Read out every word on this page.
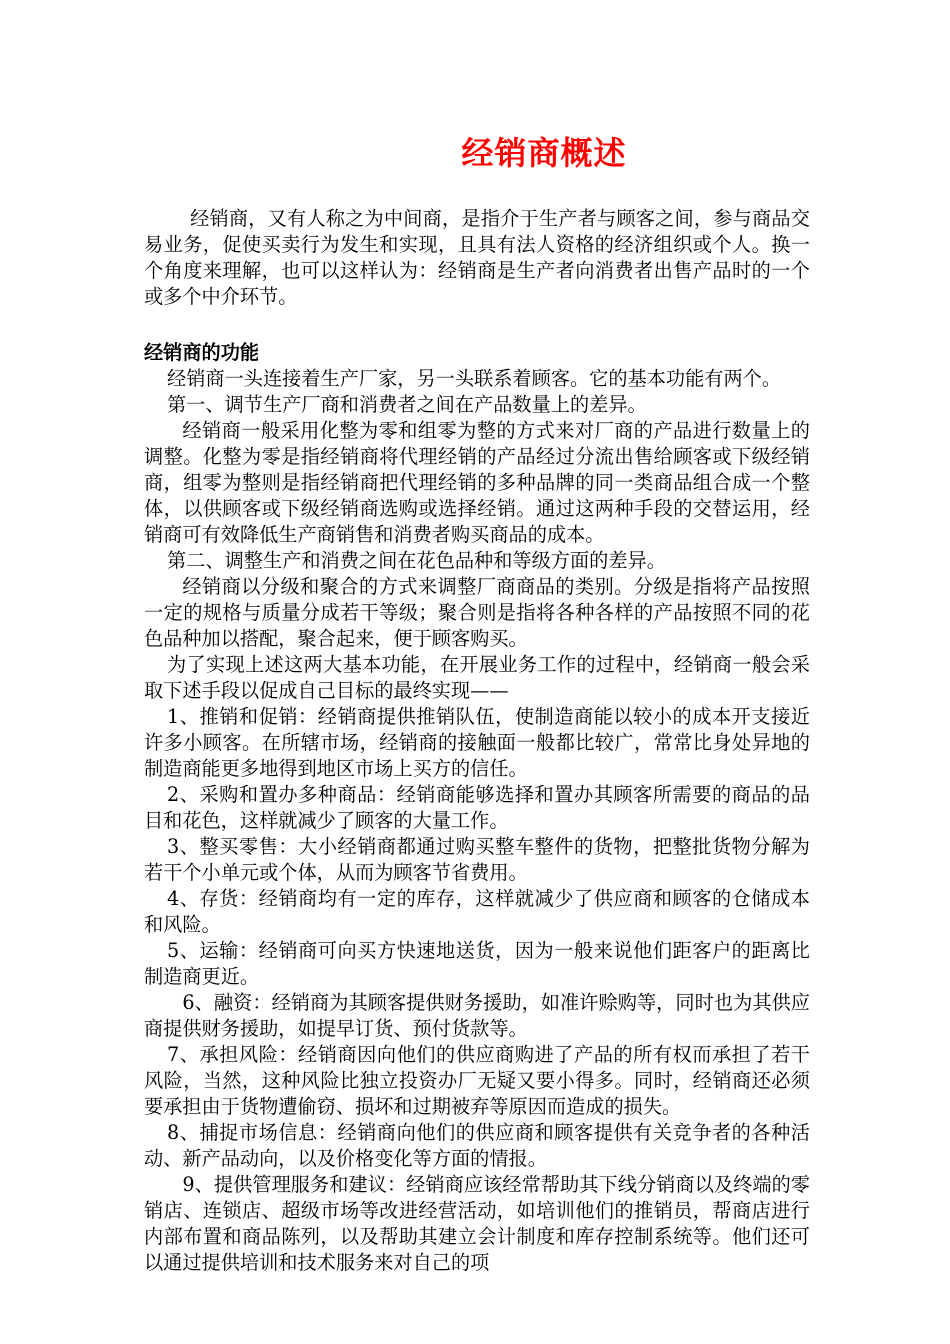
经销商概述

经销商，又有人称之为中间商，是指介于生产者与顾客之间，参与商品交易业务，促使买卖行为发生和实现，且具有法人资格的经济组织或个人。换一个角度来理解，也可以这样认为：经销商是生产者向消费者出售产品时的一个或多个中介环节。

经销商的功能

经销商一头连接着生产厂家，另一头联系着顾客。它的基本功能有两个。

第一、调节生产厂商和消费者之间在产品数量上的差异。

经销商一般采用化整为零和组零为整的方式来对厂商的产品进行数量上的调整。化整为零是指经销商将代理经销的产品经过分流出售给顾客或下级经销商，组零为整则是指经销商把代理经销的多种品牌的同一类商品组合成一个整体，以供顾客或下级经销商选购或选择经销。通过这两种手段的交替运用，经销商可有效降低生产商销售和消费者购买商品的成本。

第二、调整生产和消费之间在花色品种和等级方面的差异。

经销商以分级和聚合的方式来调整厂商商品的类别。分级是指将产品按照一定的规格与质量分成若干等级；聚合则是指将各种各样的产品按照不同的花色品种加以搭配，聚合起来，便于顾客购买。

为了实现上述这两大基本功能，在开展业务工作的过程中，经销商一般会采取下述手段以促成自己目标的最终实现——

1、推销和促销：经销商提供推销队伍，使制造商能以较小的成本开支接近许多小顾客。在所辖市场，经销商的接触面一般都比较广，常常比身处异地的制造商能更多地得到地区市场上买方的信任。

2、采购和置办多种商品：经销商能够选择和置办其顾客所需要的商品的品目和花色，这样就减少了顾客的大量工作。

3、整买零售：大小经销商都通过购买整车整件的货物，把整批货物分解为若干个小单元或个体，从而为顾客节省费用。

4、存货：经销商均有一定的库存，这样就减少了供应商和顾客的仓储成本和风险。

5、运输：经销商可向买方快速地送货，因为一般来说他们距客户的距离比制造商更近。

6、融资：经销商为其顾客提供财务援助，如准许赊购等，同时也为其供应商提供财务援助，如提早订货、预付货款等。

7、承担风险：经销商因向他们的供应商购进了产品的所有权而承担了若干风险，当然，这种风险比独立投资办厂无疑又要小得多。同时，经销商还必须要承担由于货物遭偷窃、损坏和过期被弃等原因而造成的损失。

8、捕捉市场信息：经销商向他们的供应商和顾客提供有关竞争者的各种活动、新产品动向，以及价格变化等方面的情报。

9、提供管理服务和建议：经销商应该经常帮助其下线分销商以及终端的零销店、连锁店、超级市场等改进经营活动，如培训他们的推销员，帮商店进行内部布置和商品陈列，以及帮助其建立会计制度和库存控制系统等。他们还可以通过提供培训和技术服务来对自己的项
